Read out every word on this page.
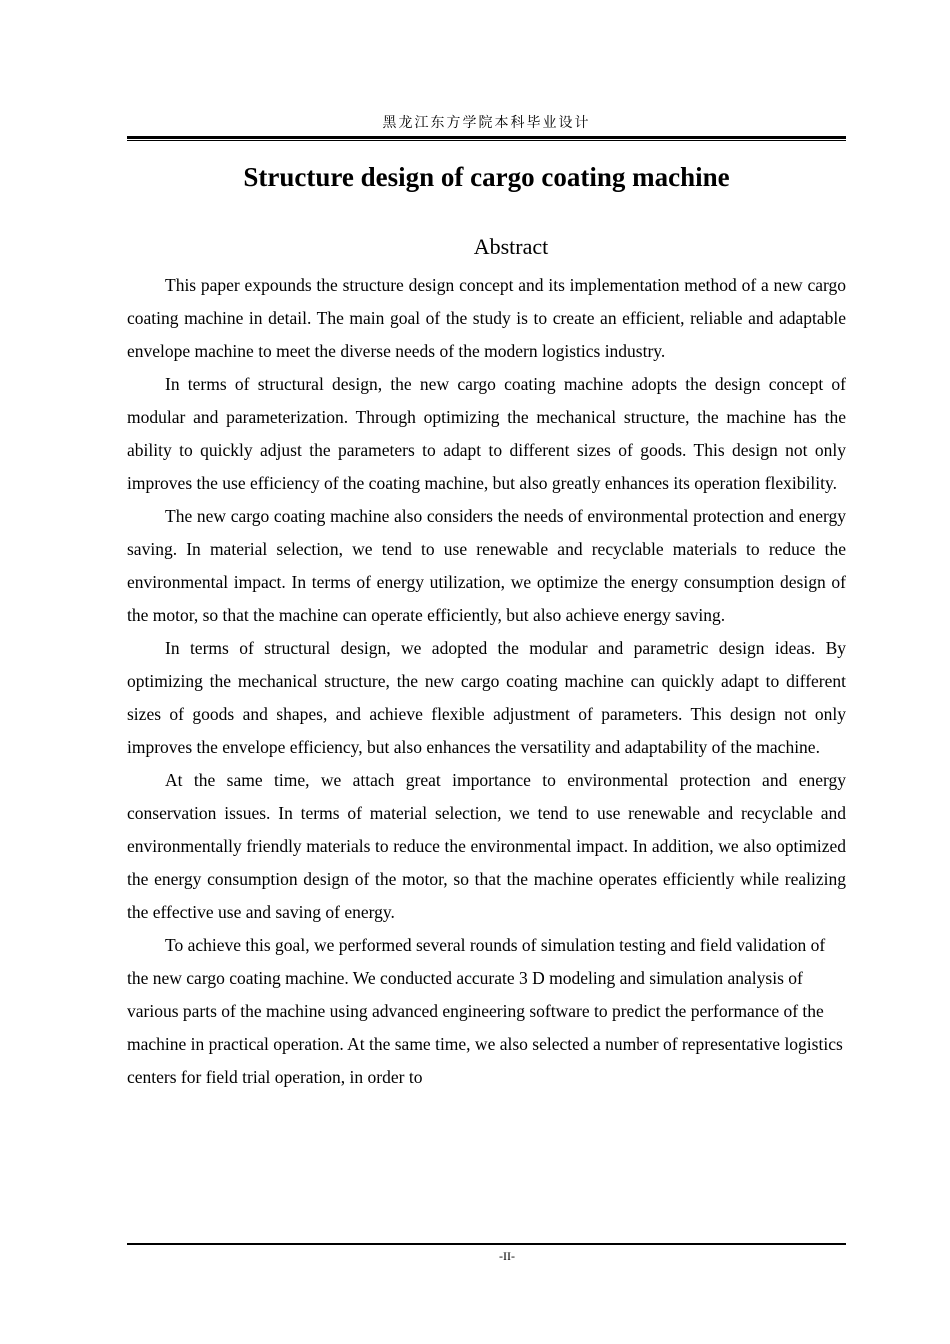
黑龙江东方学院本科毕业设计
Structure design of cargo coating machine
Abstract

This paper expounds the structure design concept and its implementation method of a new cargo coating machine in detail. The main goal of the study is to create an efficient, reliable and adaptable envelope machine to meet the diverse needs of the modern logistics industry.

In terms of structural design, the new cargo coating machine adopts the design concept of modular and parameterization. Through optimizing the mechanical structure, the machine has the ability to quickly adjust the parameters to adapt to different sizes of goods. This design not only improves the use efficiency of the coating machine, but also greatly enhances its operation flexibility.

The new cargo coating machine also considers the needs of environmental protection and energy saving. In material selection, we tend to use renewable and recyclable materials to reduce the environmental impact. In terms of energy utilization, we optimize the energy consumption design of the motor, so that the machine can operate efficiently, but also achieve energy saving.

In terms of structural design, we adopted the modular and parametric design ideas. By optimizing the mechanical structure, the new cargo coating machine can quickly adapt to different sizes of goods and shapes, and achieve flexible adjustment of parameters. This design not only improves the envelope efficiency, but also enhances the versatility and adaptability of the machine.

At the same time, we attach great importance to environmental protection and energy conservation issues. In terms of material selection, we tend to use renewable and recyclable and environmentally friendly materials to reduce the environmental impact. In addition, we also optimized the energy consumption design of the motor, so that the machine operates efficiently while realizing the effective use and saving of energy.

To achieve this goal, we performed several rounds of simulation testing and field validation of the new cargo coating machine. We conducted accurate 3 D modeling and simulation analysis of various parts of the machine using advanced engineering software to predict the performance of the machine in practical operation. At the same time, we also selected a number of representative logistics centers for field trial operation, in order to

-II-
